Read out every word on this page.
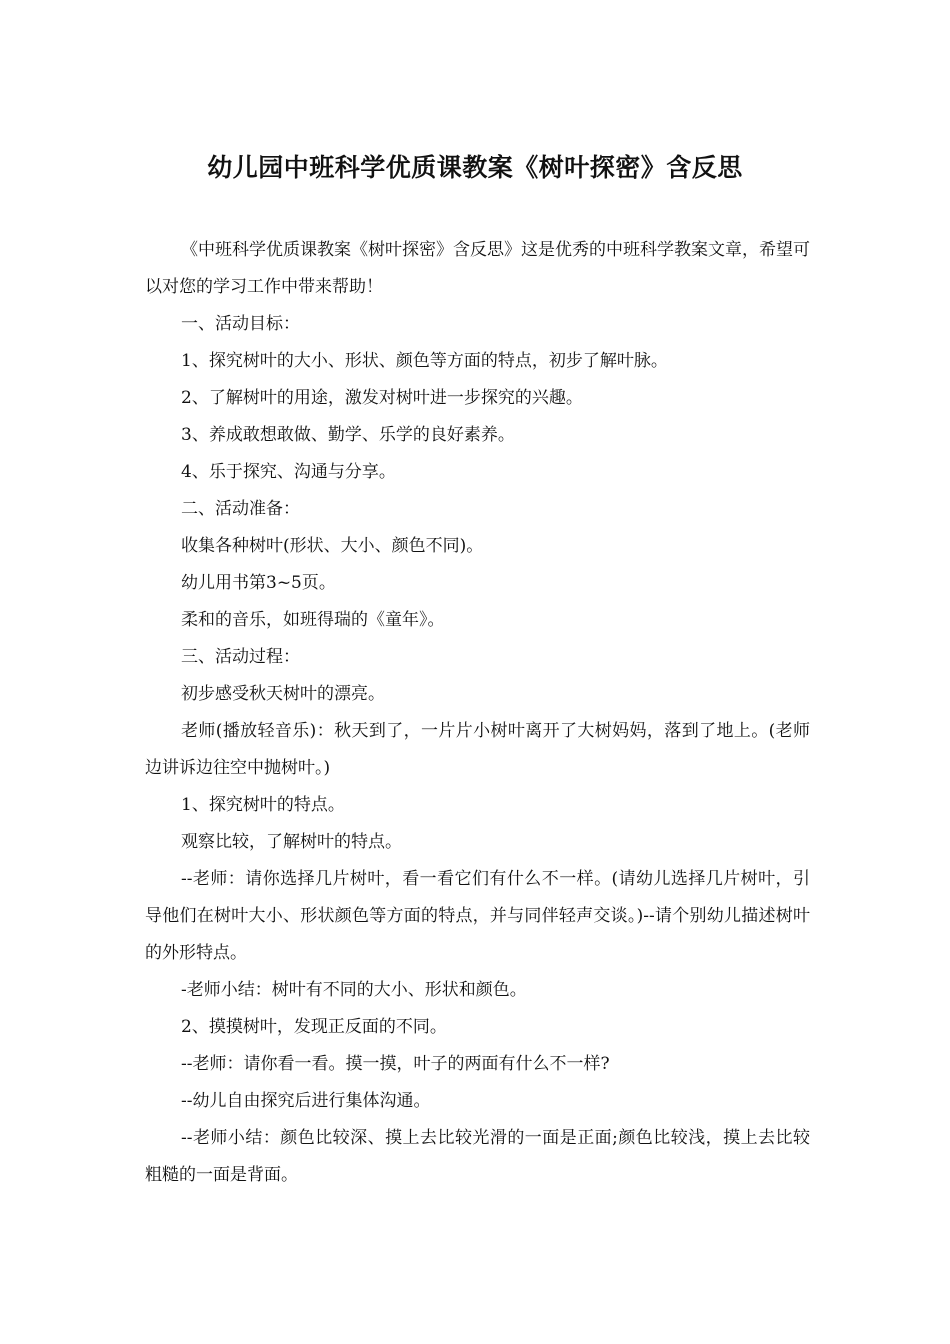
幼儿园中班科学优质课教案《树叶探密》含反思

《中班科学优质课教案《树叶探密》含反思》这是优秀的中班科学教案文章，希望可以对您的学习工作中带来帮助！

一、活动目标：

1、探究树叶的大小、形状、颜色等方面的特点，初步了解叶脉。

2、了解树叶的用途，激发对树叶进一步探究的兴趣。

3、养成敢想敢做、勤学、乐学的良好素养。

4、乐于探究、沟通与分享。

二、活动准备：

收集各种树叶(形状、大小、颜色不同)。

幼儿用书第3~5页。

柔和的音乐，如班得瑞的《童年》。

三、活动过程：

初步感受秋天树叶的漂亮。

老师(播放轻音乐)：秋天到了，一片片小树叶离开了大树妈妈，落到了地上。(老师边讲诉边往空中抛树叶。)

1、探究树叶的特点。

观察比较，了解树叶的特点。

--老师：请你选择几片树叶，看一看它们有什么不一样。(请幼儿选择几片树叶，引导他们在树叶大小、形状颜色等方面的特点，并与同伴轻声交谈。)--请个别幼儿描述树叶的外形特点。

-老师小结：树叶有不同的大小、形状和颜色。

2、摸摸树叶，发现正反面的不同。

--老师：请你看一看。摸一摸，叶子的两面有什么不一样?

--幼儿自由探究后进行集体沟通。

--老师小结：颜色比较深、摸上去比较光滑的一面是正面;颜色比较浅，摸上去比较粗糙的一面是背面。
